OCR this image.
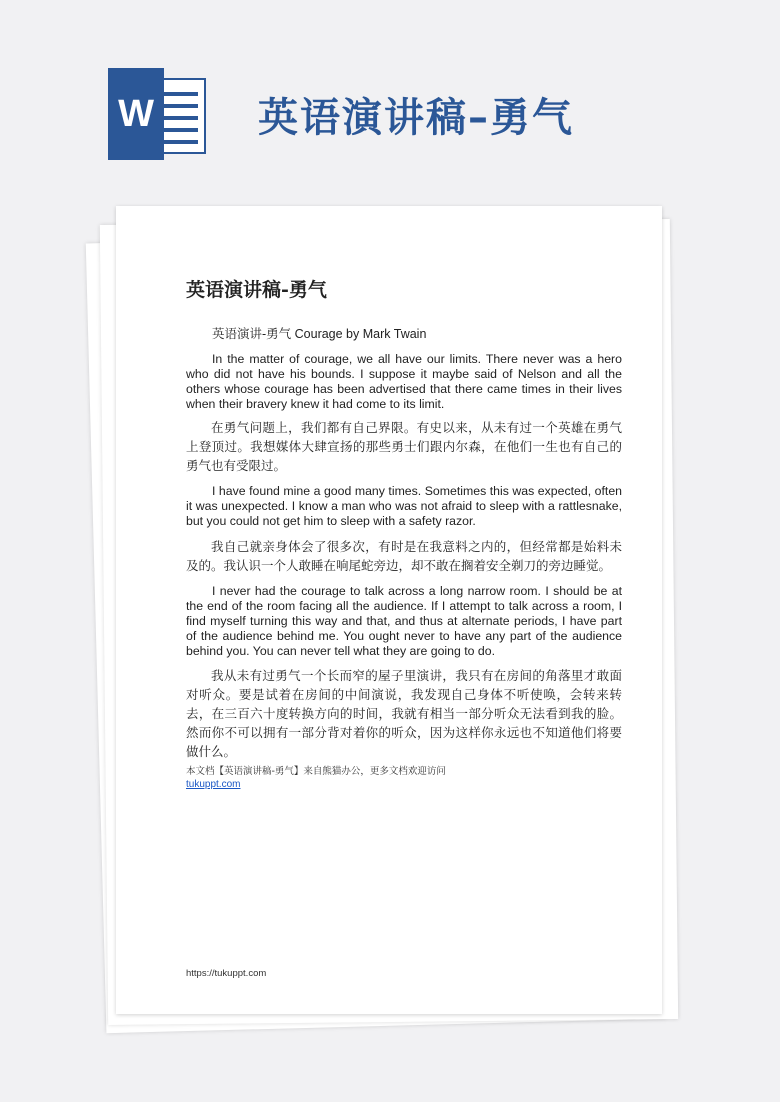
W	英语演讲稿–勇气
英语演讲稿-勇气
英语演讲-勇气 Courage by Mark Twain

In the matter of courage, we all have our limits. There never was a hero who did not have his bounds. I suppose it maybe said of Nelson and all the others whose courage has been advertised that there came times in their lives when their bravery knew it had come to its limit.

在勇气问题上，我们都有自己界限。有史以来，从未有过一个英雄在勇气上登顶过。我想媒体大肆宣扬的那些勇士们跟内尔森，在他们一生也有自己的勇气也有受限过。

I have found mine a good many times. Sometimes this was expected, often it was unexpected. I know a man who was not afraid to sleep with a rattlesnake, but you could not get him to sleep with a safety razor.

我自己就亲身体会了很多次，有时是在我意料之内的，但经常都是始料未及的。我认识一个人敢睡在响尾蛇旁边，却不敢在搁着安全剃刀的旁边睡觉。

I never had the courage to talk across a long narrow room. I should be at the end of the room facing all the audience. If I attempt to talk across a room, I find myself turning this way and that, and thus at alternate periods, I have part of the audience behind me. You ought never to have any part of the audience behind you. You can never tell what they are going to do.

我从未有过勇气一个长而窄的屋子里演讲，我只有在房间的角落里才敢面对听众。要是试着在房间的中间演说，我发现自己身体不听使唤，会转来转去，在三百六十度转换方向的时间，我就有相当一部分听众无法看到我的脸。然而你不可以拥有一部分背对着你的听众，因为这样你永远也不知道他们将要做什么。

本文档【英语演讲稿-勇气】来自熊猫办公，更多文档欢迎访问
tukuppt.com
https://tukuppt.com
